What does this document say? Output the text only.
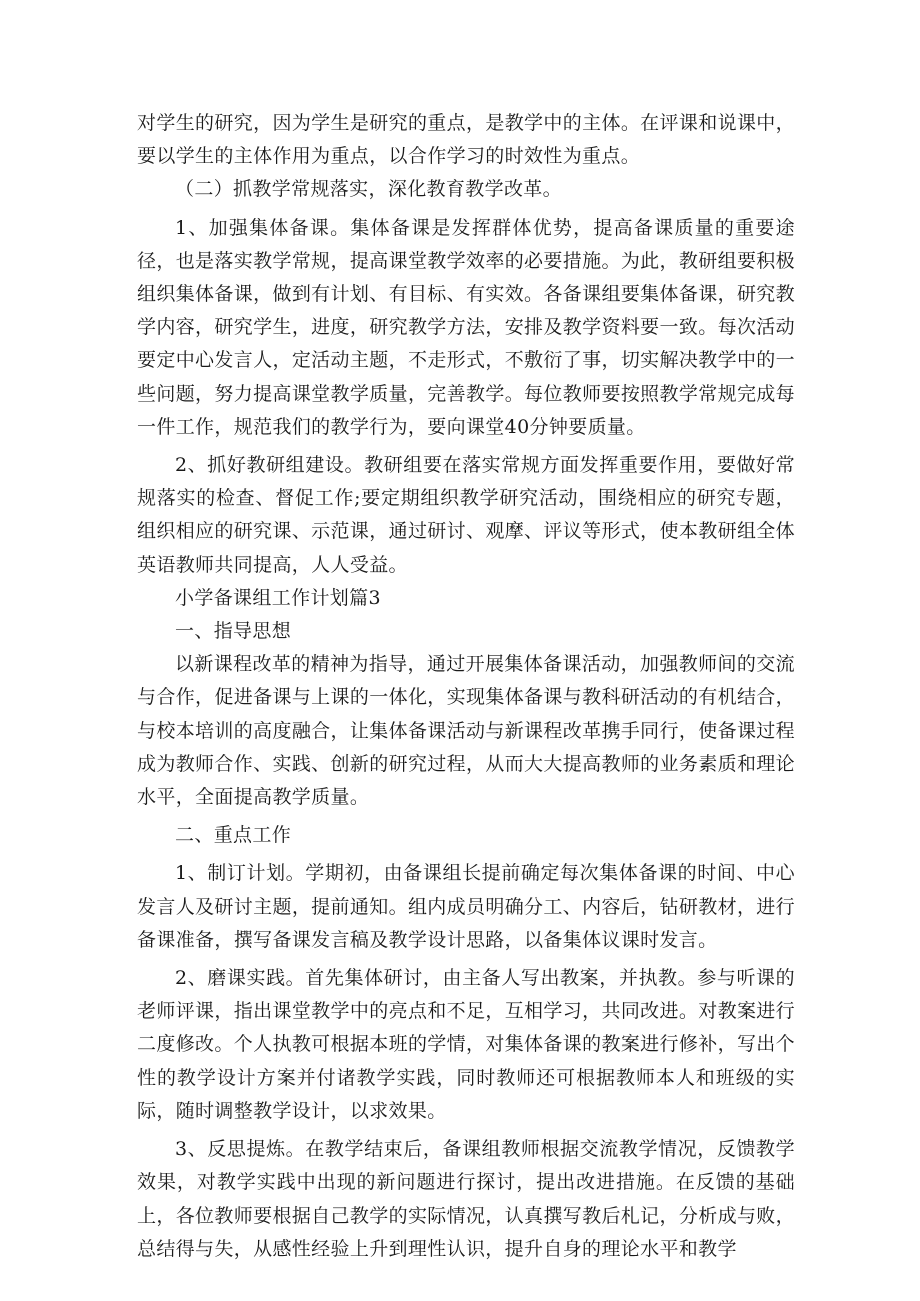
对学生的研究，因为学生是研究的重点，是教学中的主体。在评课和说课中，要以学生的主体作用为重点，以合作学习的时效性为重点。

（二）抓教学常规落实，深化教育教学改革。

1、加强集体备课。集体备课是发挥群体优势，提高备课质量的重要途径，也是落实教学常规，提高课堂教学效率的必要措施。为此，教研组要积极组织集体备课，做到有计划、有目标、有实效。各备课组要集体备课，研究教学内容，研究学生，进度，研究教学方法，安排及教学资料要一致。每次活动要定中心发言人，定活动主题，不走形式，不敷衍了事，切实解决教学中的一些问题，努力提高课堂教学质量，完善教学。每位教师要按照教学常规完成每一件工作，规范我们的教学行为，要向课堂40分钟要质量。

2、抓好教研组建设。教研组要在落实常规方面发挥重要作用，要做好常规落实的检查、督促工作;要定期组织教学研究活动，围绕相应的研究专题，组织相应的研究课、示范课，通过研讨、观摩、评议等形式，使本教研组全体英语教师共同提高，人人受益。

小学备课组工作计划篇3

一、指导思想

以新课程改革的精神为指导，通过开展集体备课活动，加强教师间的交流与合作，促进备课与上课的一体化，实现集体备课与教科研活动的有机结合，与校本培训的高度融合，让集体备课活动与新课程改革携手同行，使备课过程成为教师合作、实践、创新的研究过程，从而大大提高教师的业务素质和理论水平，全面提高教学质量。

二、重点工作

1、制订计划。学期初，由备课组长提前确定每次集体备课的时间、中心发言人及研讨主题，提前通知。组内成员明确分工、内容后，钻研教材，进行备课准备，撰写备课发言稿及教学设计思路，以备集体议课时发言。

2、磨课实践。首先集体研讨，由主备人写出教案，并执教。参与听课的老师评课，指出课堂教学中的亮点和不足，互相学习，共同改进。对教案进行二度修改。个人执教可根据本班的学情，对集体备课的教案进行修补，写出个性的教学设计方案并付诸教学实践，同时教师还可根据教师本人和班级的实际，随时调整教学设计，以求效果。

3、反思提炼。在教学结束后，备课组教师根据交流教学情况，反馈教学效果，对教学实践中出现的新问题进行探讨，提出改进措施。在反馈的基础上，各位教师要根据自己教学的实际情况，认真撰写教后札记，分析成与败，总结得与失，从感性经验上升到理性认识，提升自身的理论水平和教学
